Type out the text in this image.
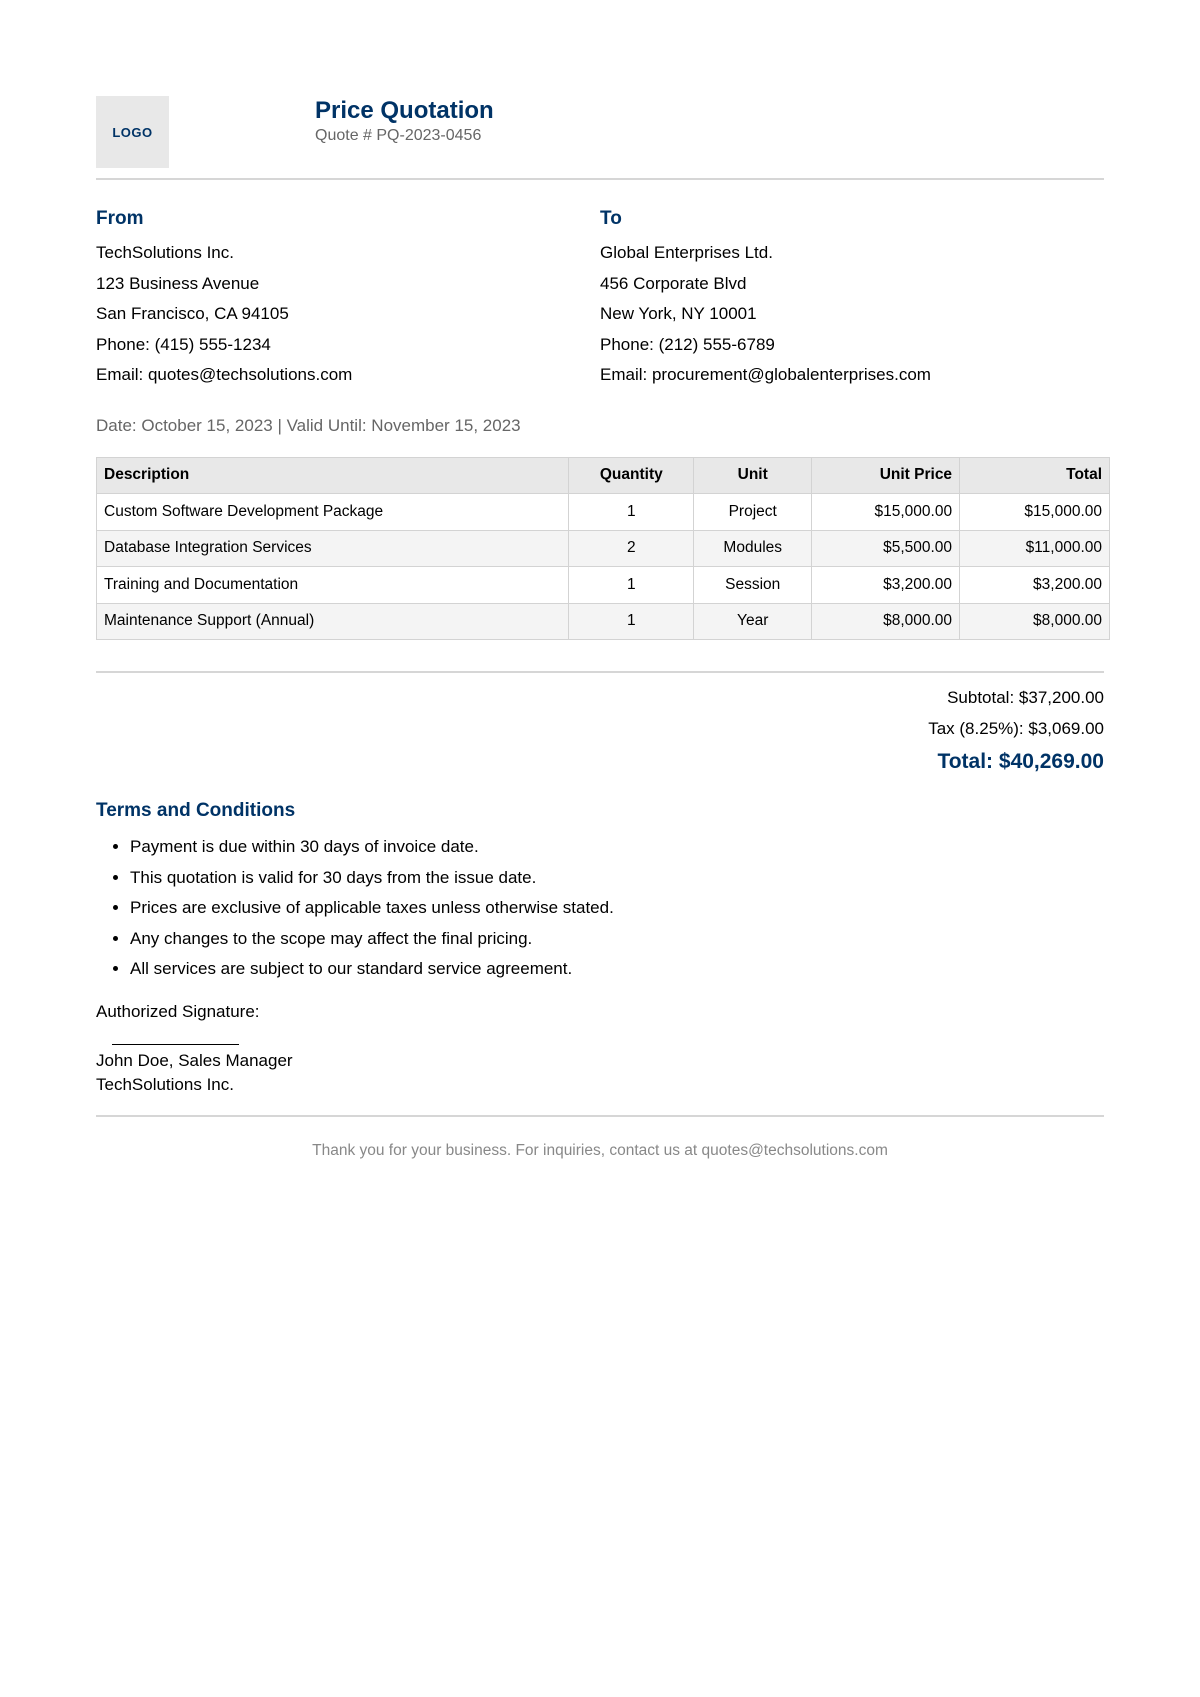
LOGO
Price Quotation
Quote # PQ-2023-0456
From
TechSolutions Inc.
123 Business Avenue
San Francisco, CA 94105
Phone: (415) 555-1234
Email: quotes@techsolutions.com
To
Global Enterprises Ltd.
456 Corporate Blvd
New York, NY 10001
Phone: (212) 555-6789
Email: procurement@globalenterprises.com
Date: October 15, 2023 | Valid Until: November 15, 2023
Description	Quantity	Unit	Unit Price	Total
Custom Software Development Package	1	Project	$15,000.00	$15,000.00
Database Integration Services	2	Modules	$5,500.00	$11,000.00
Training and Documentation	1	Session	$3,200.00	$3,200.00
Maintenance Support (Annual)	1	Year	$8,000.00	$8,000.00
Subtotal: $37,200.00
Tax (8.25%): $3,069.00
Total: $40,269.00
Terms and Conditions
• Payment is due within 30 days of invoice date.
• This quotation is valid for 30 days from the issue date.
• Prices are exclusive of applicable taxes unless otherwise stated.
• Any changes to the scope may affect the final pricing.
• All services are subject to our standard service agreement.
Authorized Signature:
John Doe, Sales Manager
TechSolutions Inc.
Thank you for your business. For inquiries, contact us at quotes@techsolutions.com
